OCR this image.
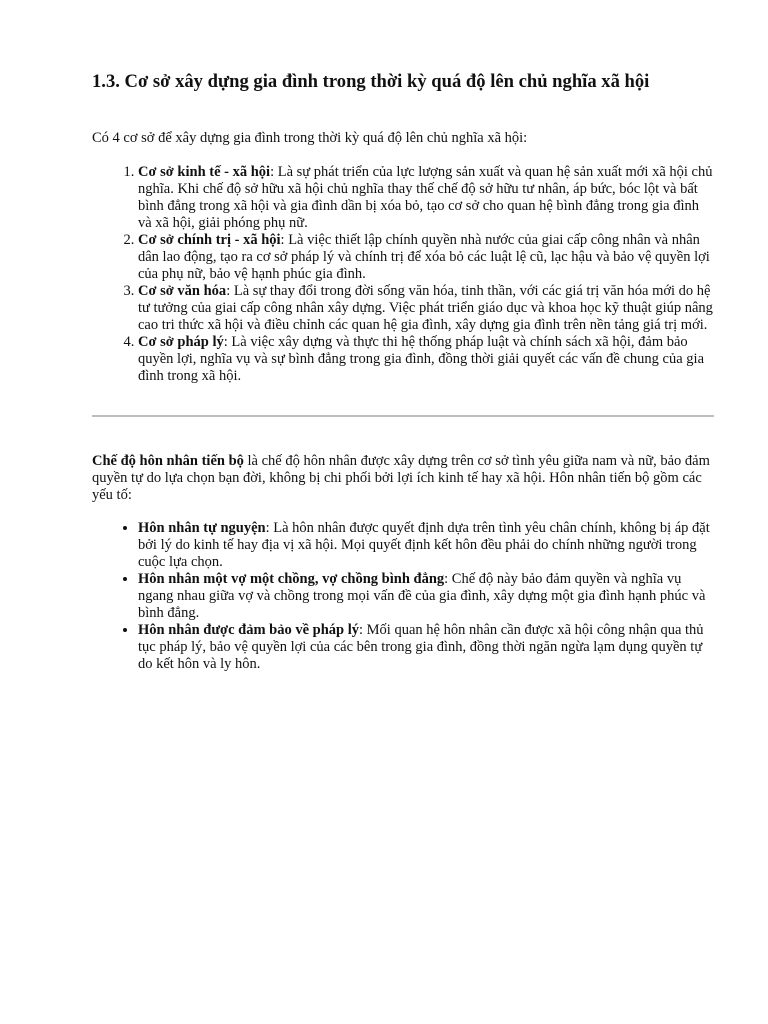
1.3. Cơ sở xây dựng gia đình trong thời kỳ quá độ lên chủ nghĩa xã hội

Có 4 cơ sở để xây dựng gia đình trong thời kỳ quá độ lên chủ nghĩa xã hội:

1. Cơ sở kinh tế - xã hội: Là sự phát triển của lực lượng sản xuất và quan hệ sản xuất mới xã hội chủ nghĩa. Khi chế độ sở hữu xã hội chủ nghĩa thay thế chế độ sở hữu tư nhân, áp bức, bóc lột và bất bình đẳng trong xã hội và gia đình dần bị xóa bỏ, tạo cơ sở cho quan hệ bình đẳng trong gia đình và xã hội, giải phóng phụ nữ.
2. Cơ sở chính trị - xã hội: Là việc thiết lập chính quyền nhà nước của giai cấp công nhân và nhân dân lao động, tạo ra cơ sở pháp lý và chính trị để xóa bỏ các luật lệ cũ, lạc hậu và bảo vệ quyền lợi của phụ nữ, bảo vệ hạnh phúc gia đình.
3. Cơ sở văn hóa: Là sự thay đổi trong đời sống văn hóa, tinh thần, với các giá trị văn hóa mới do hệ tư tưởng của giai cấp công nhân xây dựng. Việc phát triển giáo dục và khoa học kỹ thuật giúp nâng cao tri thức xã hội và điều chỉnh các quan hệ gia đình, xây dựng gia đình trên nền tảng giá trị mới.
4. Cơ sở pháp lý: Là việc xây dựng và thực thi hệ thống pháp luật và chính sách xã hội, đảm bảo quyền lợi, nghĩa vụ và sự bình đẳng trong gia đình, đồng thời giải quyết các vấn đề chung của gia đình trong xã hội.

Chế độ hôn nhân tiến bộ là chế độ hôn nhân được xây dựng trên cơ sở tình yêu giữa nam và nữ, bảo đảm quyền tự do lựa chọn bạn đời, không bị chi phối bởi lợi ích kinh tế hay xã hội. Hôn nhân tiến bộ gồm các yếu tố:

• Hôn nhân tự nguyện: Là hôn nhân được quyết định dựa trên tình yêu chân chính, không bị áp đặt bởi lý do kinh tế hay địa vị xã hội. Mọi quyết định kết hôn đều phải do chính những người trong cuộc lựa chọn.
• Hôn nhân một vợ một chồng, vợ chồng bình đẳng: Chế độ này bảo đảm quyền và nghĩa vụ ngang nhau giữa vợ và chồng trong mọi vấn đề của gia đình, xây dựng một gia đình hạnh phúc và bình đẳng.
• Hôn nhân được đảm bảo về pháp lý: Mối quan hệ hôn nhân cần được xã hội công nhận qua thủ tục pháp lý, bảo vệ quyền lợi của các bên trong gia đình, đồng thời ngăn ngừa lạm dụng quyền tự do kết hôn và ly hôn.
